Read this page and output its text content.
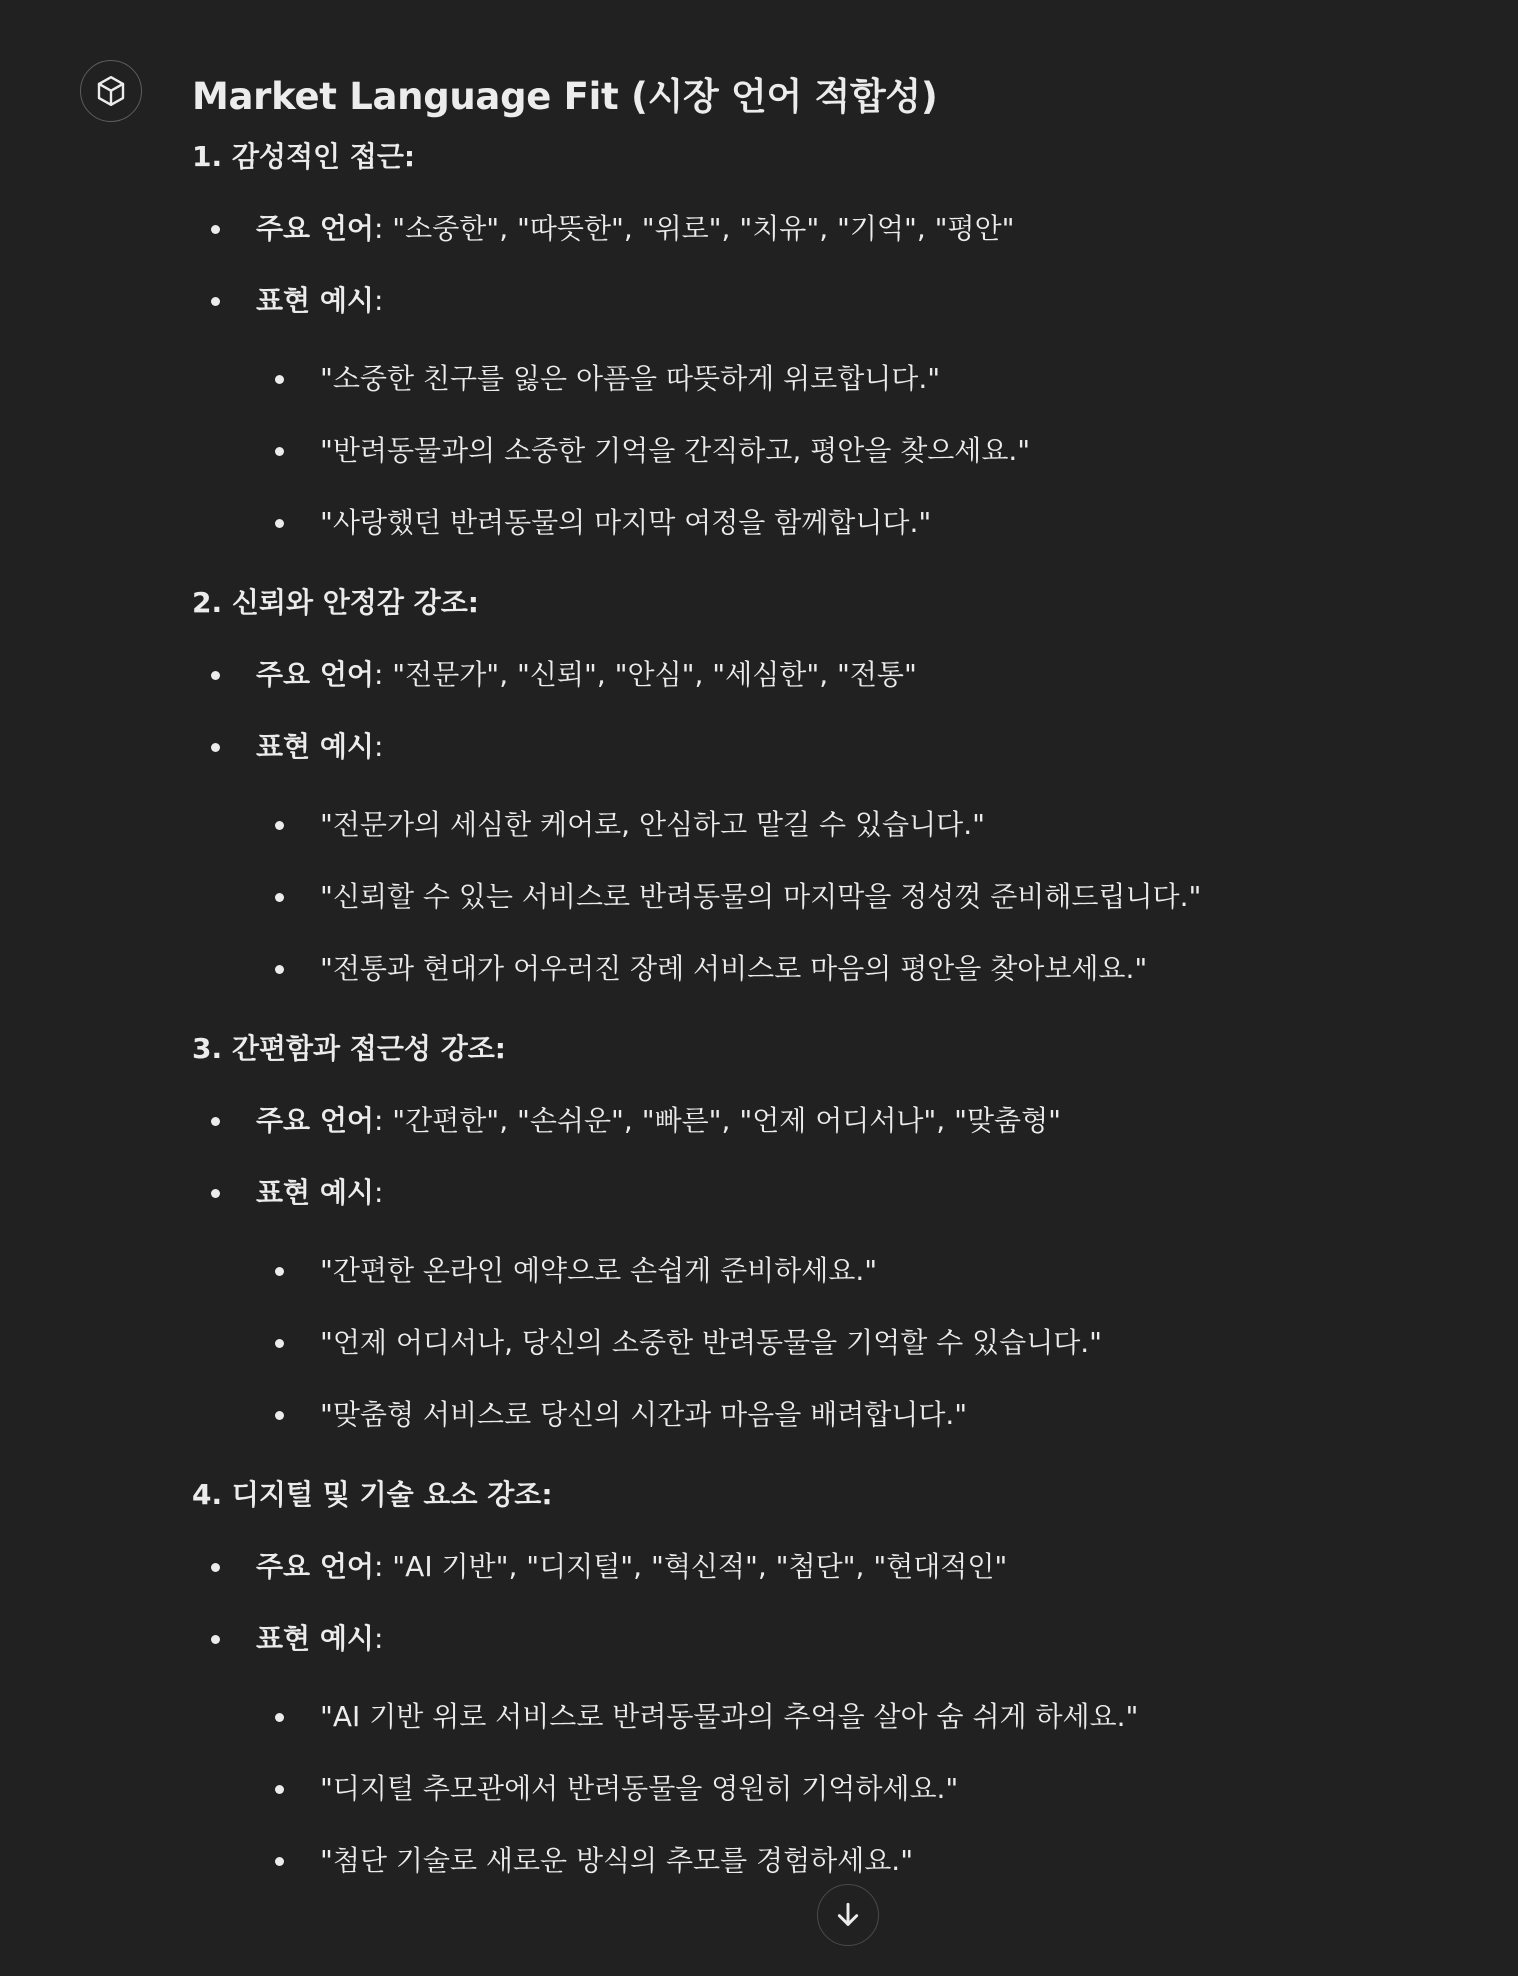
Market Language Fit (시장 언어 적합성)
1. 감성적인 접근:
주요 언어: "소중한", "따뜻한", "위로", "치유", "기억", "평안"
표현 예시:
"소중한 친구를 잃은 아픔을 따뜻하게 위로합니다."
"반려동물과의 소중한 기억을 간직하고, 평안을 찾으세요."
"사랑했던 반려동물의 마지막 여정을 함께합니다."
2. 신뢰와 안정감 강조:
주요 언어: "전문가", "신뢰", "안심", "세심한", "전통"
표현 예시:
"전문가의 세심한 케어로, 안심하고 맡길 수 있습니다."
"신뢰할 수 있는 서비스로 반려동물의 마지막을 정성껏 준비해드립니다."
"전통과 현대가 어우러진 장례 서비스로 마음의 평안을 찾아보세요."
3. 간편함과 접근성 강조:
주요 언어: "간편한", "손쉬운", "빠른", "언제 어디서나", "맞춤형"
표현 예시:
"간편한 온라인 예약으로 손쉽게 준비하세요."
"언제 어디서나, 당신의 소중한 반려동물을 기억할 수 있습니다."
"맞춤형 서비스로 당신의 시간과 마음을 배려합니다."
4. 디지털 및 기술 요소 강조:
주요 언어: "AI 기반", "디지털", "혁신적", "첨단", "현대적인"
표현 예시:
"AI 기반 위로 서비스로 반려동물과의 추억을 살아 숨 쉬게 하세요."
"디지털 추모관에서 반려동물을 영원히 기억하세요."
"첨단 기술로 새로운 방식의 추모를 경험하세요."
